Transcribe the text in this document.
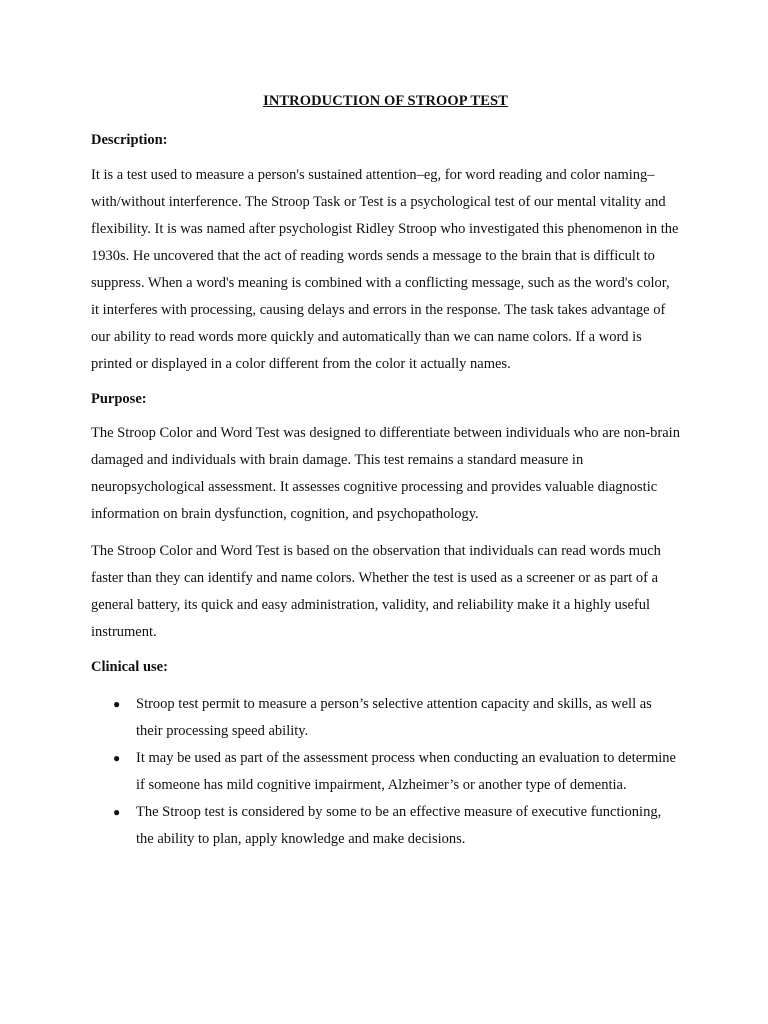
INTRODUCTION OF STROOP TEST
Description:

It is a test used to measure a person's sustained attention–eg, for word reading and color naming–with/without interference. The Stroop Task or Test is a psychological test of our mental vitality and flexibility. It is was named after psychologist Ridley Stroop who investigated this phenomenon in the 1930s. He uncovered that the act of reading words sends a message to the brain that is difficult to suppress. When a word's meaning is combined with a conflicting message, such as the word's color, it interferes with processing, causing delays and errors in the response. The task takes advantage of our ability to read words more quickly and automatically than we can name colors. If a word is printed or displayed in a color different from the color it actually names.

Purpose:

The Stroop Color and Word Test was designed to differentiate between individuals who are non-brain damaged and individuals with brain damage. This test remains a standard measure in neuropsychological assessment. It assesses cognitive processing and provides valuable diagnostic information on brain dysfunction, cognition, and psychopathology.

The Stroop Color and Word Test is based on the observation that individuals can read words much faster than they can identify and name colors. Whether the test is used as a screener or as part of a general battery, its quick and easy administration, validity, and reliability make it a highly useful instrument.

Clinical use:
● Stroop test permit to measure a person’s selective attention capacity and skills, as well as their processing speed ability.
● It may be used as part of the assessment process when conducting an evaluation to determine if someone has mild cognitive impairment, Alzheimer’s or another type of dementia.
● The Stroop test is considered by some to be an effective measure of executive functioning, the ability to plan, apply knowledge and make decisions.
